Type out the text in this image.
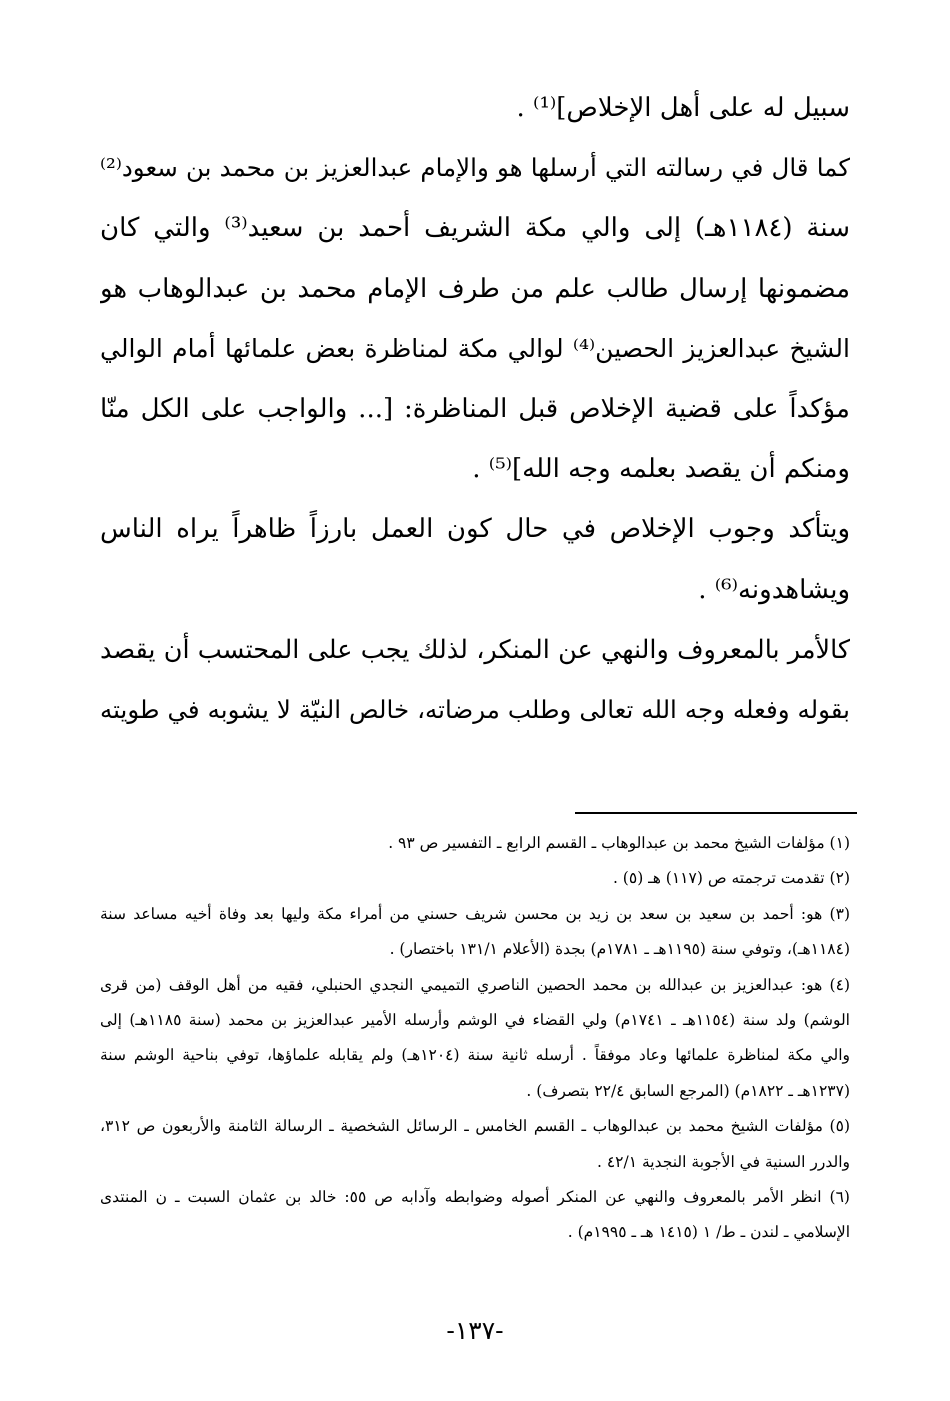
سبيل له على أهل الإخلاص]⁽¹⁾ .
كما قال في رسالته التي أرسلها هو والإمام عبدالعزيز بن محمد بن سعود⁽²⁾
سنة (١١٨٤هـ) إلى والي مكة الشريف أحمد بن سعيد⁽³⁾ والتي كان
مضمونها إرسال طالب علم من طرف الإمام محمد بن عبدالوهاب هو
الشيخ عبدالعزيز الحصين⁽⁴⁾ لوالي مكة لمناظرة بعض علمائها أمام الوالي
مؤكداً على قضية الإخلاص قبل المناظرة: [... والواجب على الكل منّا
ومنكم أن يقصد بعلمه وجه الله]⁽⁵⁾ .
ويتأكد وجوب الإخلاص في حال كون العمل بارزاً ظاهراً يراه الناس
ويشاهدونه⁽⁶⁾ .
كالأمر بالمعروف والنهي عن المنكر، لذلك يجب على المحتسب أن يقصد
بقوله وفعله وجه الله تعالى وطلب مرضاته، خالص النيّة لا يشوبه في طويته
(١) مؤلفات الشيخ محمد بن عبدالوهاب ـ القسم الرابع ـ التفسير ص ٩٣ .
(٢) تقدمت ترجمته ص (١١٧) هـ (٥) .
(٣) هو: أحمد بن سعيد بن سعد بن زيد بن محسن شريف حسني من أمراء مكة وليها بعد وفاة أخيه مساعد سنة
(١١٨٤هـ)، وتوفي سنة (١١٩٥هـ ـ ١٧٨١م) بجدة (الأعلام ١٣١/١ باختصار) .
(٤) هو: عبدالعزيز بن عبدالله بن محمد الحصين الناصري التميمي النجدي الحنبلي، فقيه من أهل الوقف (من قرى
الوشم) ولد سنة (١١٥٤هـ ـ ١٧٤١م) ولي القضاء في الوشم وأرسله الأمير عبدالعزيز بن محمد (سنة ١١٨٥هـ) إلى
والي مكة لمناظرة علمائها وعاد موفقاً . أرسله ثانية سنة (١٢٠٤هـ) ولم يقابله علماؤها، توفي بناحية الوشم سنة
(١٢٣٧هـ ـ ١٨٢٢م) (المرجع السابق ٢٢/٤ بتصرف) .
(٥) مؤلفات الشيخ محمد بن عبدالوهاب ـ القسم الخامس ـ الرسائل الشخصية ـ الرسالة الثامنة والأربعون ص ٣١٢،
والدرر السنية في الأجوبة النجدية ٤٢/١ .
(٦) انظر الأمر بالمعروف والنهي عن المنكر أصوله وضوابطه وآدابه ص ٥٥: خالد بن عثمان السبت ـ ن المنتدى
الإسلامي ـ لندن ـ ط/ ١ (١٤١٥ هـ ـ ١٩٩٥م) .
-١٣٧-
